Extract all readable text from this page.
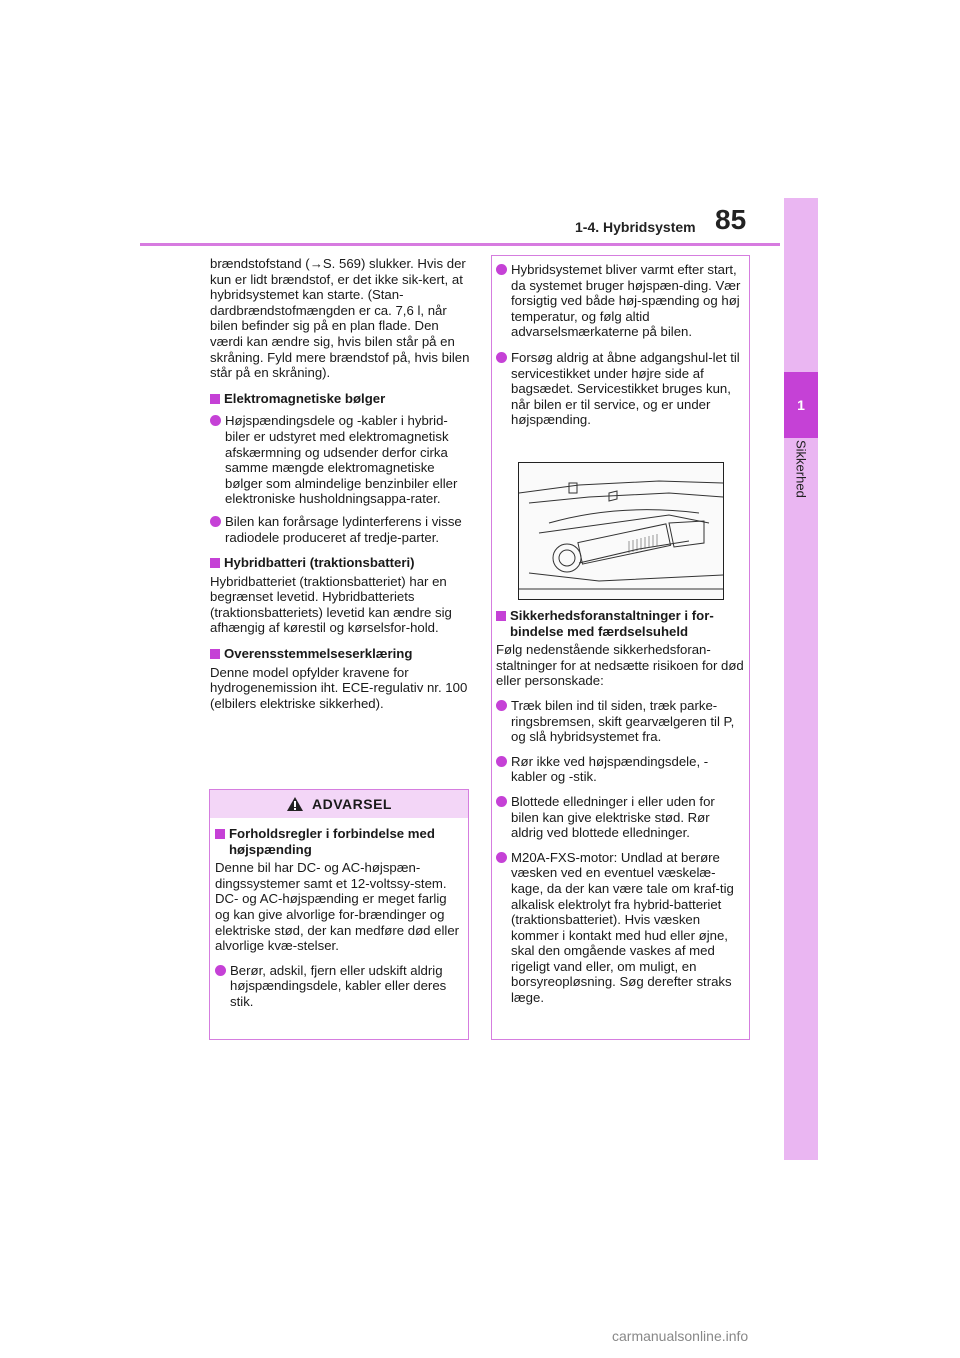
1-4. Hybridsystem 85
1
Sikkerhed

brændstofstand (→S. 569) slukker. Hvis der kun er lidt brændstof, er det ikke sik-kert, at hybridsystemet kan starte. (Stan-dardbrændstofmængden er ca. 7,6 l, når bilen befinder sig på en plan flade. Den værdi kan ændre sig, hvis bilen står på en skråning. Fyld mere brændstof på, hvis bilen står på en skråning).

Elektromagnetiske bølger

Højspændingsdele og -kabler i hybrid-biler er udstyret med elektromagnetisk afskærmning og udsender derfor cirka samme mængde elektromagnetiske bølger som almindelige benzinbiler eller elektroniske husholdningsappa-rater.

Bilen kan forårsage lydinterferens i visse radiodele produceret af tredje-parter.

Hybridbatteri (traktionsbatteri)

Hybridbatteriet (traktionsbatteriet) har en begrænset levetid. Hybridbatteriets (traktionsbatteriets) levetid kan ændre sig afhængig af kørestil og kørselsfor-hold.

Overensstemmelseserklæring

Denne model opfylder kravene for hydrogenemission iht. ECE-regulativ nr. 100 (elbilers elektriske sikkerhed).

ADVARSEL

Forholdsregler i forbindelse med højspænding

Denne bil har DC- og AC-højspæn-dingssystemer samt et 12-voltssy-stem. DC- og AC-højspænding er meget farlig og kan give alvorlige for-brændinger og elektriske stød, der kan medføre død eller alvorlige kvæ-stelser.

Berør, adskil, fjern eller udskift aldrig højspændingsdele, kabler eller deres stik.

Hybridsystemet bliver varmt efter start, da systemet bruger højspæn-ding. Vær forsigtig ved både høj-spænding og høj temperatur, og følg altid advarselsmærkaterne på bilen.

Forsøg aldrig at åbne adgangshul-let til servicestikket under højre side af bagsædet. Servicestikket bruges kun, når bilen er til service, og er under højspænding.

Sikkerhedsforanstaltninger i for-bindelse med færdselsuheld

Følg nedenstående sikkerhedsforan-staltninger for at nedsætte risikoen for død eller personskade:

Træk bilen ind til siden, træk parke-ringsbremsen, skift gearvælgeren til P, og slå hybridsystemet fra.

Rør ikke ved højspændingsdele, -kabler og -stik.

Blottede elledninger i eller uden for bilen kan give elektriske stød. Rør aldrig ved blottede elledninger.

M20A-FXS-motor: Undlad at berøre væsken ved en eventuel væskelæ-kage, da der kan være tale om kraf-tig alkalisk elektrolyt fra hybrid-batteriet (traktionsbatteriet). Hvis væsken kommer i kontakt med hud eller øjne, skal den omgående vaskes af med rigeligt vand eller, om muligt, en borsyreopløsning. Søg derefter straks læge.

carmanualsonline.info
